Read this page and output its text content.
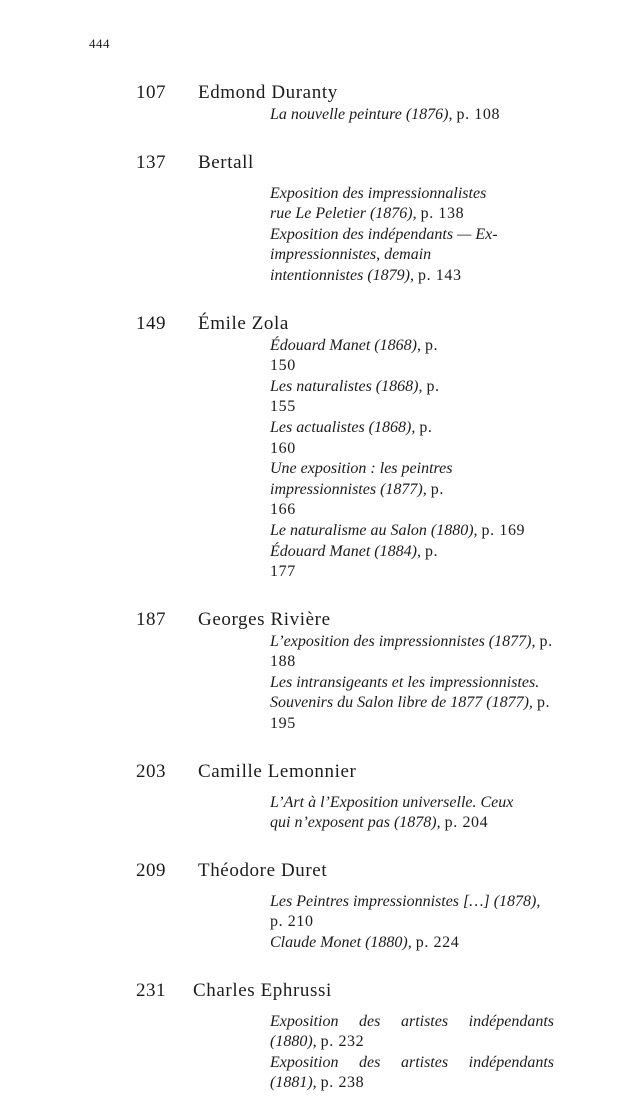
444
107 Edmond Duranty
La nouvelle peinture (1876), p. 108
137 Bertall
Exposition des impressionnalistes rue Le Peletier (1876), p. 138
Exposition des indépendants — Ex-impressionnistes, demain intentionnistes (1879), p. 143
149 Émile Zola
Édouard Manet (1868), p. 150
Les naturalistes (1868), p. 155
Les actualistes (1868), p. 160
Une exposition : les peintres impressionnistes (1877), p. 166
Le naturalisme au Salon (1880), p. 169
Édouard Manet (1884), p. 177
187 Georges Rivière
L’exposition des impressionnistes (1877), p. 188
Les intransigeants et les impressionnistes. Souvenirs du Salon libre de 1877 (1877), p. 195
203 Camille Lemonnier
L’Art à l’Exposition universelle. Ceux qui n’exposent pas (1878), p. 204
209 Théodore Duret
Les Peintres impressionnistes […] (1878), p. 210
Claude Monet (1880), p. 224
231 Charles Ephrussi
Exposition des artistes indépendants (1880), p. 232
Exposition des artistes indépendants (1881), p. 238
